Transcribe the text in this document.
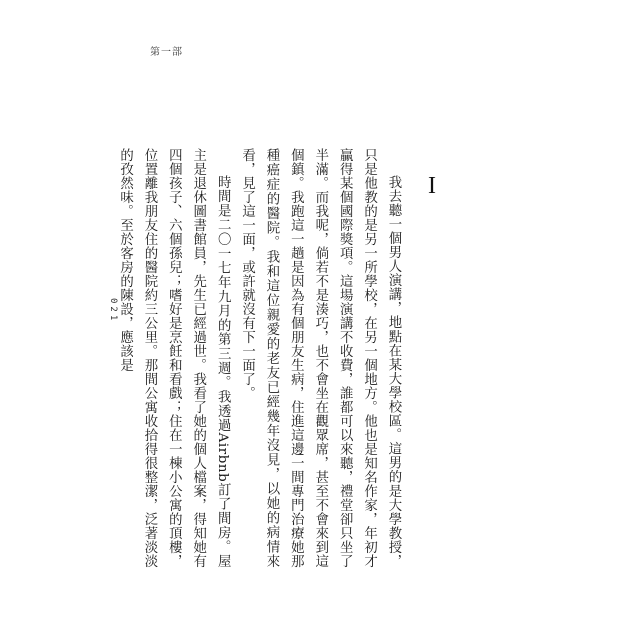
第一部
I
021	我去聽一個男人演講，地點在某大學校區。這男的是大學教授，只是他教的是另一所學校，在另一個地方。他也是知名作家，年初才贏得某個國際獎項。這場演講不收費，誰都可以來聽，禮堂卻只坐了半滿。而我呢，倘若不是湊巧，也不會坐在觀眾席，甚至不會來到這個鎮。我跑這一趟是因為有個朋友生病，住進這邊一間專門治療她那種癌症的醫院。我和這位親愛的老友已經幾年沒見，以她的病情來看，見了這一面，或許就沒有下一面了。

時間是二〇一七年九月的第三週。我透過Airbnb訂了間房。屋主是退休圖書館員，先生已經過世。我看了她的個人檔案，得知她有四個孩子、六個孫兒；嗜好是烹飪和看戲；住在一棟小公寓的頂樓，位置離我朋友住的醫院約三公里。那間公寓收拾得很整潔，泛著淡淡的孜然味。至於客房的陳設，應該是
